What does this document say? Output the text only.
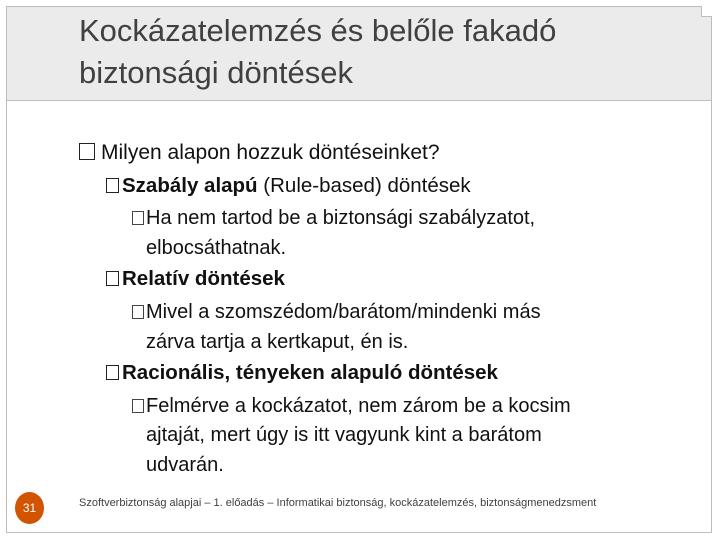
Kockázatelemzés és belőle fakadó
biztonsági döntések
Milyen alapon hozzuk döntéseinket?
Szabály alapú (Rule-based) döntések
Ha nem tartod be a biztonsági szabályzatot,
elbocsáthatnak.
Relatív döntések
Mivel a szomszédom/barátom/mindenki más
zárva tartja a kertkaput, én is.
Racionális, tényeken alapuló döntések
Felmérve a kockázatot, nem zárom be a kocsim
ajtaját, mert úgy is itt vagyunk kint a barátom
udvarán.
31	Szoftverbiztonság alapjai – 1. előadás – Informatikai biztonság, kockázatelemzés, biztonságmenedzsment
